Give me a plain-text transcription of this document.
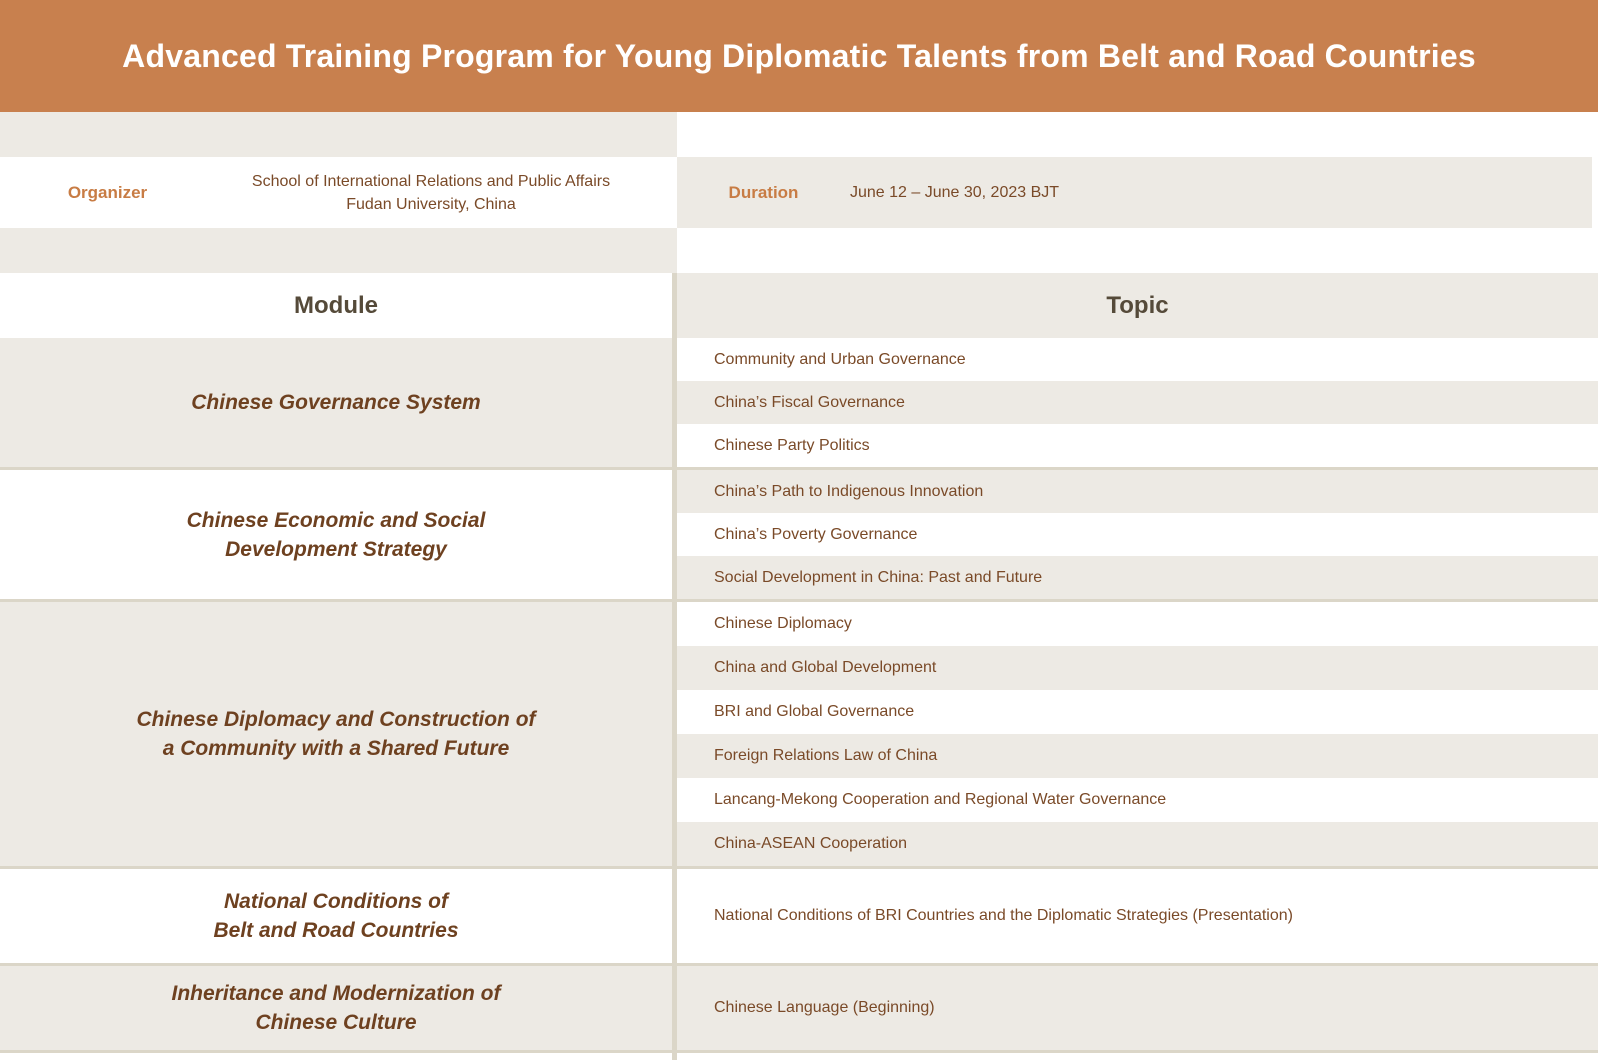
Advanced Training Program for Young Diplomatic Talents from Belt and Road Countries
Organizer
School of International Relations and Public Affairs
Fudan University, China
Duration	June 12 – June 30, 2023 BJT
Module	Topic
Chinese Governance System
Community and Urban Governance
China’s Fiscal Governance
Chinese Party Politics
Chinese Economic and Social
Development Strategy
China’s Path to Indigenous Innovation
China’s Poverty Governance
Social Development in China: Past and Future
Chinese Diplomacy and Construction of
a Community with a Shared Future
Chinese Diplomacy
China and Global Development
BRI and Global Governance
Foreign Relations Law of China
Lancang-Mekong Cooperation and Regional Water Governance
China-ASEAN Cooperation
National Conditions of
Belt and Road Countries
National Conditions of BRI Countries and the Diplomatic Strategies (Presentation)
Inheritance and Modernization of
Chinese Culture
Chinese Language (Beginning)
